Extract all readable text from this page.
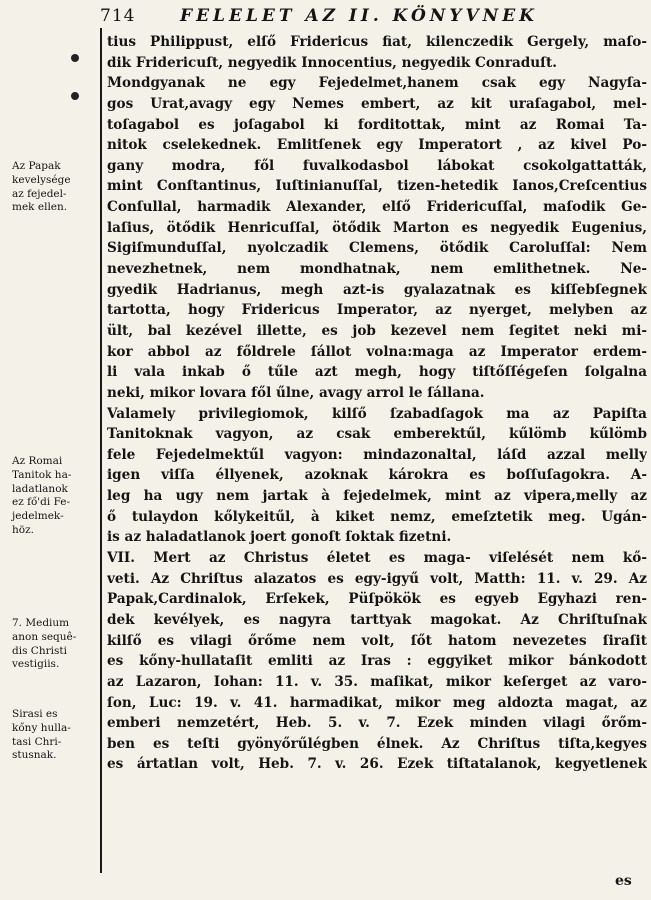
714	FELELET AZ II. KÖNYVNEK
Az Papak
kevelysége
az fejedel-
mek ellen.
Az Romai
Tanitok ha-
ladatlanok
ez fő'di Fe-
jedelmek-
höz.
7. Medium
anon sequê-
dis Christi
vestigiis.
Sirasi es
kőny hulla-
tasi Chri-
stusnak.
tius Philippust, elſő Fridericus fiat, kilenczedik Gergely, maſo-
dik Fridericuſt, negyedik Innocentius, negyedik Conraduſt.
Mondgyanak ne egy Fejedelmet,hanem csak egy Nagyſa-
gos Urat,avagy egy Nemes embert, az kit uraſagabol, mel-
toſagabol es joſagabol ki forditottak, mint az Romai Ta-
nitok cselekednek. Emlitſenek egy Imperatort , az kivel Po-
gany modra, fől fuvalkodasbol lábokat csokolgattatták,
mint Conſtantinus, Iuſtinianuſſal, tizen-hetedik Ianos,Creſcentius
Conſullal, harmadik Alexander, elſő Fridericuſſal, maſodik Ge-
laſius, ötődik Henricuſſal, ötődik Marton es negyedik Eugenius,
Sigiſmunduſſal, nyolczadik Clemens, ötődik Caroluſſal: Nem
nevezhetnek, nem mondhatnak, nem emlithetnek. Ne-
gyedik Hadrianus, megh azt-is gyalazatnak es kiſſebſegnek
tartotta, hogy Fridericus Imperator, az nyerget, melyben az
ült, bal kezével illette, es job kezevel nem ſegitet neki mi-
kor abbol az főldrele ſállot volna:maga az Imperator erdem-
li vala inkab ő tűle azt megh, hogy tiſtőſſégeſen ſolgalna
neki, mikor lovara fől űlne, avagy arrol le ſállana.
Valamely privilegiomok, kilſő ſzabadſagok ma az Papiſta
Tanitoknak vagyon, az csak emberektűl, kűlömb kűlömb
fele Fejedelmektűl vagyon: mindazonaltal, láſd azzal melly
igen viſſa éllyenek, azoknak károkra es boſſuſagokra. A-
leg ha ugy nem jartak à fejedelmek, mint az vipera,melly az
ő tulaydon kőlykeitűl, à kiket nemz, emeſztetik meg. Ugán-
is az haladatlanok joert gonoſt ſoktak fizetni.
VII. Mert az Christus életet es maga- viſelését nem kő-
veti. Az Chriſtus alazatos es egy-igyű volt, Matth: 11. v. 29. Az
Papak,Cardinalok, Erſekek, Püſpökök es egyeb Egyhazi ren-
dek kevélyek, es nagyra tarttyak magokat. Az Chriſtuſnak
kilſő es vilagi őrőme nem volt, ſőt hatom nevezetes ſiraſit
es kőny-hullataſit emliti az Iras : eggyiket mikor bánkodott
az Lazaron, Iohan: 11. v. 35. maſikat, mikor keſerget az varo-
ſon, Luc: 19. v. 41. harmadikat, mikor meg aldozta magat, az
emberi nemzetért, Heb. 5. v. 7. Ezek minden vilagi őrőm-
ben es teſti gyönyőrűlégben élnek. Az Chriſtus tiſta,kegyes
es ártatlan volt, Heb. 7. v. 26. Ezek tiſtatalanok, kegyetlenek
es
